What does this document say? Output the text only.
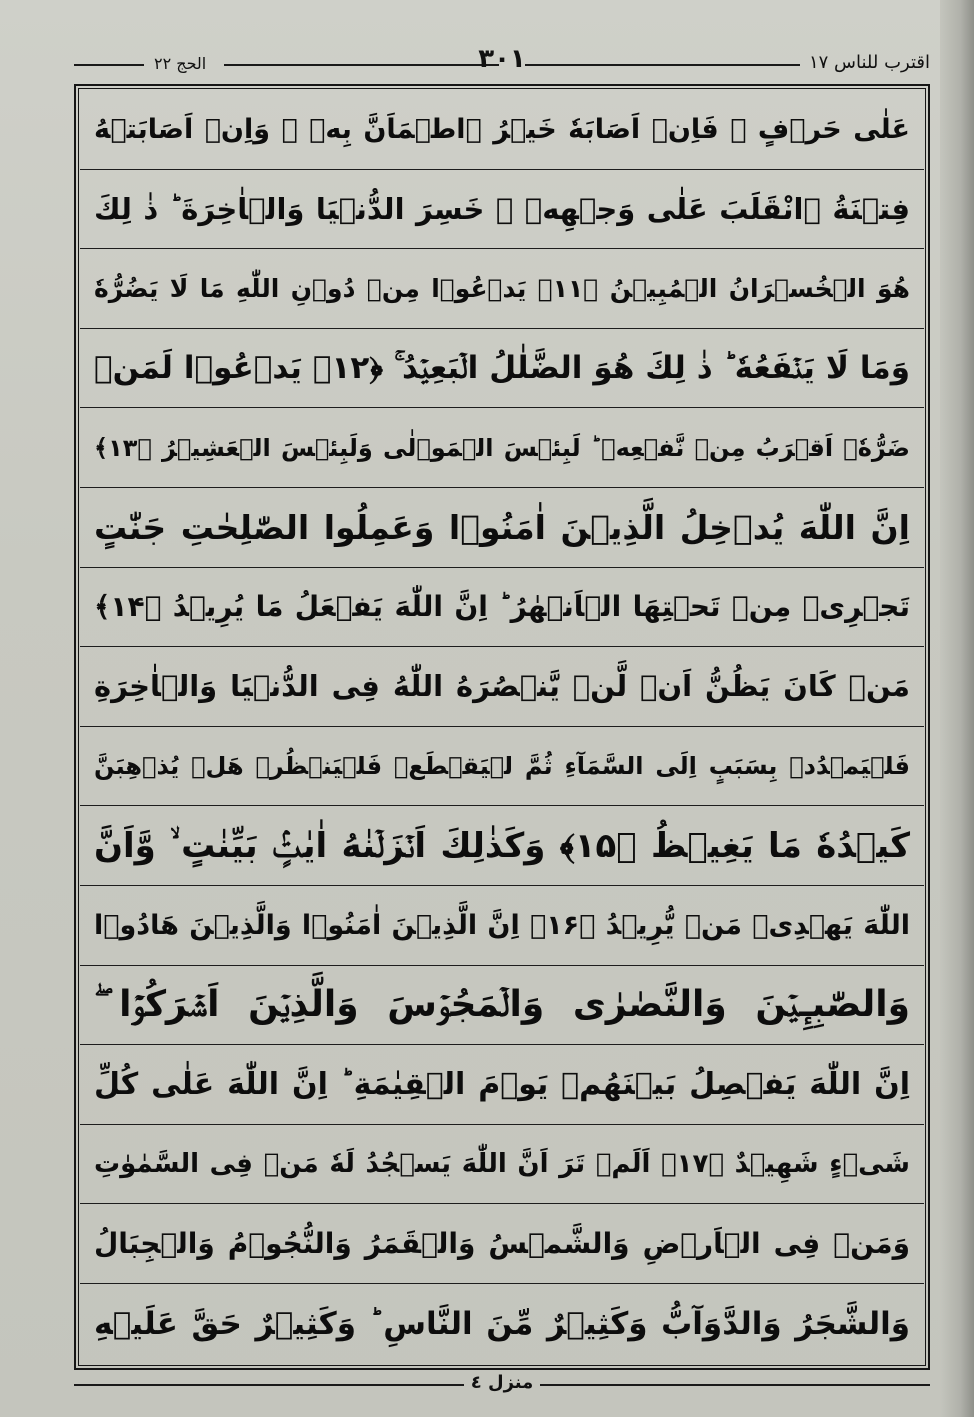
اقترب للناس ١٧
٣٠١
الحج ٢٢
عَلٰى حَرۡفٍ ۚ فَاِنۡ اَصَابَهٗ خَيۡرُ ۨاطۡمَاَنَّ بِهٖ ۚ وَاِنۡ اَصَابَتۡهُ
فِتۡنَةُ ۨانْقَلَبَ عَلٰى وَجۡهِهٖ ۚ خَسِرَ الدُّنۡيَا وَالۡاٰخِرَةَ ؕ ذٰ لِكَ
هُوَ الۡخُسۡرَانُ الۡمُبِيۡنُ ﴿۱۱﴾ يَدۡعُوۡا مِنۡ دُوۡنِ اللّٰهِ مَا لَا يَضُرُّهٗ
وَمَا لَا يَنۡفَعُهٗ ؕ ذٰ لِكَ هُوَ الضَّلٰلُ الۡبَعِيۡدُ ۚ ﴿۱۲﴾ يَدۡعُوۡا لَمَنۡ
ضَرُّهٗۤ اَقۡرَبُ مِنۡ نَّفۡعِهٖ ؕ لَبِئۡسَ الۡمَوۡلٰى وَلَبِئۡسَ الۡعَشِيۡرُ ﴿۱۳﴾
اِنَّ اللّٰهَ يُدۡخِلُ الَّذِيۡنَ اٰمَنُوۡا وَعَمِلُوا الصّٰلِحٰتِ جَنّٰتٍ
تَجۡرِىۡ مِنۡ تَحۡتِهَا الۡاَنۡهٰرُ ؕ اِنَّ اللّٰهَ يَفۡعَلُ مَا يُرِيۡدُ ﴿۱۴﴾
مَنۡ كَانَ يَظُنُّ اَنۡ لَّنۡ يَّنۡصُرَهُ اللّٰهُ فِى الدُّنۡيَا وَالۡاٰخِرَةِ
فَلۡيَمۡدُدۡ بِسَبَبٍ اِلَى السَّمَآءِ ثُمَّ لۡيَقۡطَعۡ فَلۡيَنۡظُرۡ هَلۡ يُذۡهِبَنَّ
كَيۡدُهٗ مَا يَغِيۡظُ ﴿۱۵﴾ وَكَذٰلِكَ اَنۡزَلۡنٰهُ اٰيٰتٍۢ بَيِّنٰتٍ ۙ وَّاَنَّ
اللّٰهَ يَهۡدِىۡ مَنۡ يُّرِيۡدُ ﴿۱۶﴾ اِنَّ الَّذِيۡنَ اٰمَنُوۡا وَالَّذِيۡنَ هَادُوۡا
وَالصّٰبِـِٕيۡنَ وَالنَّصٰرٰى وَالۡمَجُوۡسَ وَالَّذِيۡنَ اَشۡرَكُوۡۤا ۖ
اِنَّ اللّٰهَ يَفۡصِلُ بَيۡنَهُمۡ يَوۡمَ الۡقِيٰمَةِ ؕ اِنَّ اللّٰهَ عَلٰى كُلِّ
شَىۡءٍ شَهِيۡدٌ ﴿۱۷﴾ اَلَمۡ تَرَ اَنَّ اللّٰهَ يَسۡجُدُ لَهٗ مَنۡ فِى السَّمٰوٰتِ
وَمَنۡ فِى الۡاَرۡضِ وَالشَّمۡسُ وَالۡقَمَرُ وَالنُّجُوۡمُ وَالۡجِبَالُ
وَالشَّجَرُ وَالدَّوَآبُّ وَكَثِيۡرٌ مِّنَ النَّاسِ ؕ وَكَثِيۡرٌ حَقَّ عَلَيۡهِ
منزل ٤
